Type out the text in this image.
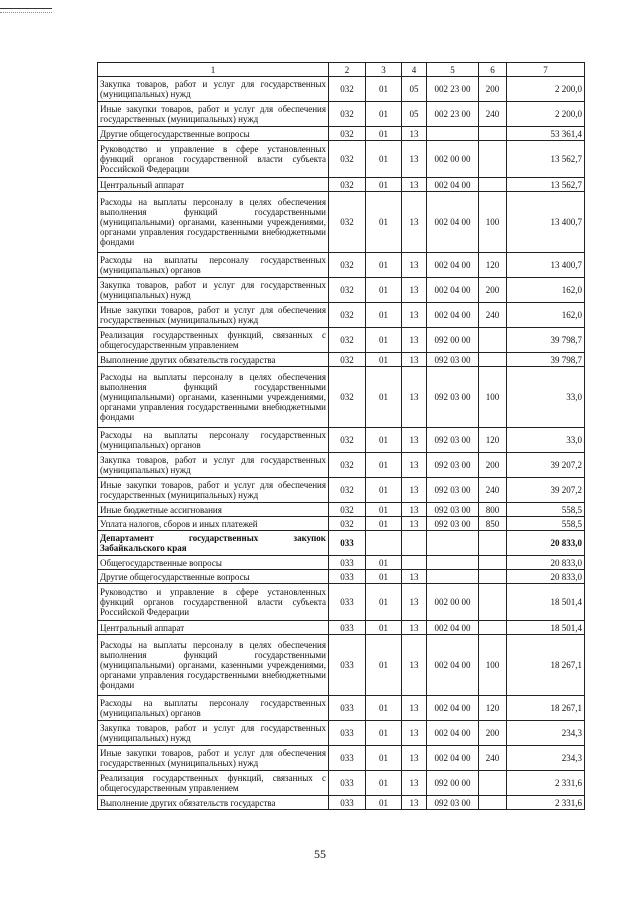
1	2	3	4	5	6	7
Закупка товаров, работ и услуг для государственных (муниципальных) нужд	032	01	05	002 23 00	200	2 200,0
Иные закупки товаров, работ и услуг для обеспечения государственных (муниципальных) нужд	032	01	05	002 23 00	240	2 200,0
Другие общегосударственные вопросы	032	01	13			53 361,4
Руководство и управление в сфере установленных функций органов государственной власти субъекта Российской Федерации	032	01	13	002 00 00		13 562,7
Центральный аппарат	032	01	13	002 04 00		13 562,7
Расходы на выплаты персоналу в целях обеспечения выполнения функций государственными (муниципальными) органами, казенными учреждениями, органами управления государственными внебюджетными фондами	032	01	13	002 04 00	100	13 400,7
Расходы на выплаты персоналу государственных (муниципальных) органов	032	01	13	002 04 00	120	13 400,7
Закупка товаров, работ и услуг для государственных (муниципальных) нужд	032	01	13	002 04 00	200	162,0
Иные закупки товаров, работ и услуг для обеспечения государственных (муниципальных) нужд	032	01	13	002 04 00	240	162,0
Реализация государственных функций, связанных с общегосударственным управлением	032	01	13	092 00 00		39 798,7
Выполнение других обязательств государства	032	01	13	092 03 00		39 798,7
Расходы на выплаты персоналу в целях обеспечения выполнения функций государственными (муниципальными) органами, казенными учреждениями, органами управления государственными внебюджетными фондами	032	01	13	092 03 00	100	33,0
Расходы на выплаты персоналу государственных (муниципальных) органов	032	01	13	092 03 00	120	33,0
Закупка товаров, работ и услуг для государственных (муниципальных) нужд	032	01	13	092 03 00	200	39 207,2
Иные закупки товаров, работ и услуг для обеспечения государственных (муниципальных) нужд	032	01	13	092 03 00	240	39 207,2
Иные бюджетные ассигнования	032	01	13	092 03 00	800	558,5
Уплата налогов, сборов и иных платежей	032	01	13	092 03 00	850	558,5
Департамент государственных закупок Забайкальского края	033					20 833,0
Общегосударственные вопросы	033	01				20 833,0
Другие общегосударственные вопросы	033	01	13			20 833,0
Руководство и управление в сфере установленных функций органов государственной власти субъекта Российской Федерации	033	01	13	002 00 00		18 501,4
Центральный аппарат	033	01	13	002 04 00		18 501,4
Расходы на выплаты персоналу в целях обеспечения выполнения функций государственными (муниципальными) органами, казенными учреждениями, органами управления государственными внебюджетными фондами	033	01	13	002 04 00	100	18 267,1
Расходы на выплаты персоналу государственных (муниципальных) органов	033	01	13	002 04 00	120	18 267,1
Закупка товаров, работ и услуг для государственных (муниципальных) нужд	033	01	13	002 04 00	200	234,3
Иные закупки товаров, работ и услуг для обеспечения государственных (муниципальных) нужд	033	01	13	002 04 00	240	234,3
Реализация государственных функций, связанных с общегосударственным управлением	033	01	13	092 00 00		2 331,6
Выполнение других обязательств государства	033	01	13	092 03 00		2 331,6
55
